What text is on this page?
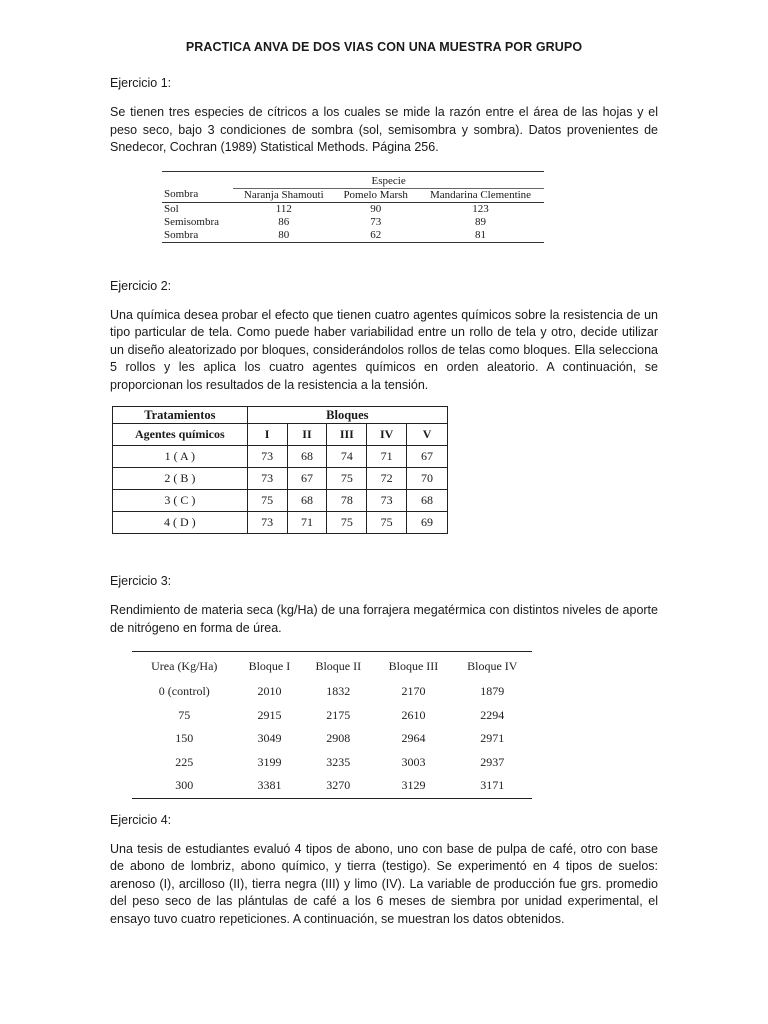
PRACTICA ANVA DE DOS VIAS CON UNA MUESTRA POR GRUPO
Ejercicio 1:
Se tienen tres especies de cítricos a los cuales se mide la razón entre el área de las hojas y el peso seco, bajo 3 condiciones de sombra (sol, semisombra y sombra). Datos provenientes de Snedecor, Cochran (1989) Statistical Methods. Página 256.
	Especie		
Sombra	Naranja Shamouti	Pomelo Marsh	Mandarina Clementine
Sol	112	90	123
Semisombra	86	73	89
Sombra	80	62	81
Ejercicio 2:
Una química desea probar el efecto que tienen cuatro agentes químicos sobre la resistencia de un tipo particular de tela. Como puede haber variabilidad entre un rollo de tela y otro, decide utilizar un diseño aleatorizado por bloques, considerándolos rollos de telas como bloques. Ella selecciona 5 rollos y les aplica los cuatro agentes químicos en orden aleatorio. A continuación, se proporcionan los resultados de la resistencia a la tensión.
Tratamientos	Bloques				
Agentes químicos	I	II	III	IV	V
1 ( A )	73	68	74	71	67
2 ( B )	73	67	75	72	70
3 ( C )	75	68	78	73	68
4 ( D )	73	71	75	75	69
Ejercicio 3:
Rendimiento de materia seca (kg/Ha) de una forrajera megatérmica con distintos niveles de aporte de nitrógeno en forma de úrea.
Urea (Kg/Ha)	Bloque I	Bloque II	Bloque III	Bloque IV
0 (control)	2010	1832	2170	1879
75	2915	2175	2610	2294
150	3049	2908	2964	2971
225	3199	3235	3003	2937
300	3381	3270	3129	3171
Ejercicio 4:
Una tesis de estudiantes evaluó 4 tipos de abono, uno con base de pulpa de café, otro con base de abono de lombriz, abono químico, y tierra (testigo). Se experimentó en 4 tipos de suelos: arenoso (I), arcilloso (II), tierra negra (III) y limo (IV). La variable de producción fue grs. promedio del peso seco de las plántulas de café a los 6 meses de siembra por unidad experimental, el ensayo tuvo cuatro repeticiones. A continuación, se muestran los datos obtenidos.
